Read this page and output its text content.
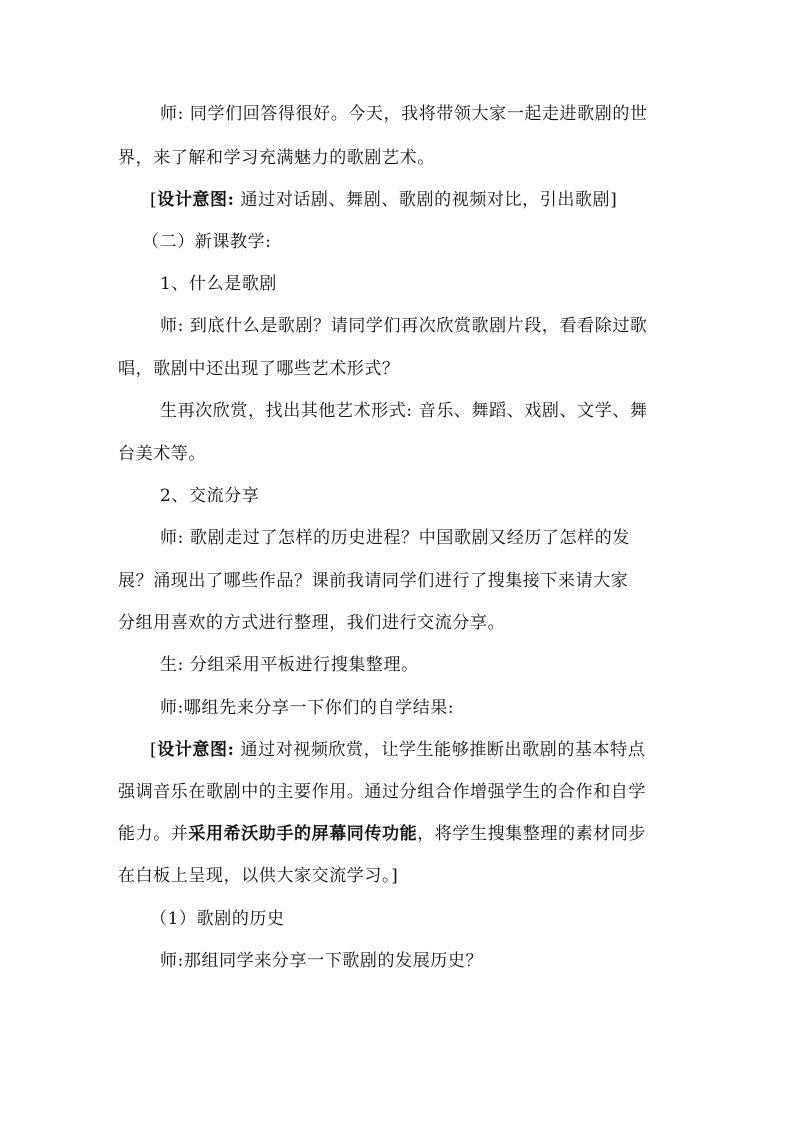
师: 同学们回答得很好。今天，我将带领大家一起走进歌剧的世
界，来了解和学习充满魅力的歌剧艺术。
[设计意图: 通过对话剧、舞剧、歌剧的视频对比，引出歌剧]
（二）新课教学:
1、什么是歌剧
师: 到底什么是歌剧？请同学们再次欣赏歌剧片段，看看除过歌
唱，歌剧中还出现了哪些艺术形式？
生再次欣赏，找出其他艺术形式: 音乐、舞蹈、戏剧、文学、舞
台美术等。
2、交流分享
师: 歌剧走过了怎样的历史进程？中国歌剧又经历了怎样的发
展？涌现出了哪些作品？课前我请同学们进行了搜集接下来请大家
分组用喜欢的方式进行整理，我们进行交流分享。
生: 分组采用平板进行搜集整理。
师:哪组先来分享一下你们的自学结果:
[设计意图: 通过对视频欣赏，让学生能够推断出歌剧的基本特点
强调音乐在歌剧中的主要作用。通过分组合作增强学生的合作和自学
能力。并采用希沃助手的屏幕同传功能，将学生搜集整理的素材同步
在白板上呈现，以供大家交流学习。]
（1）歌剧的历史
师:那组同学来分享一下歌剧的发展历史？
